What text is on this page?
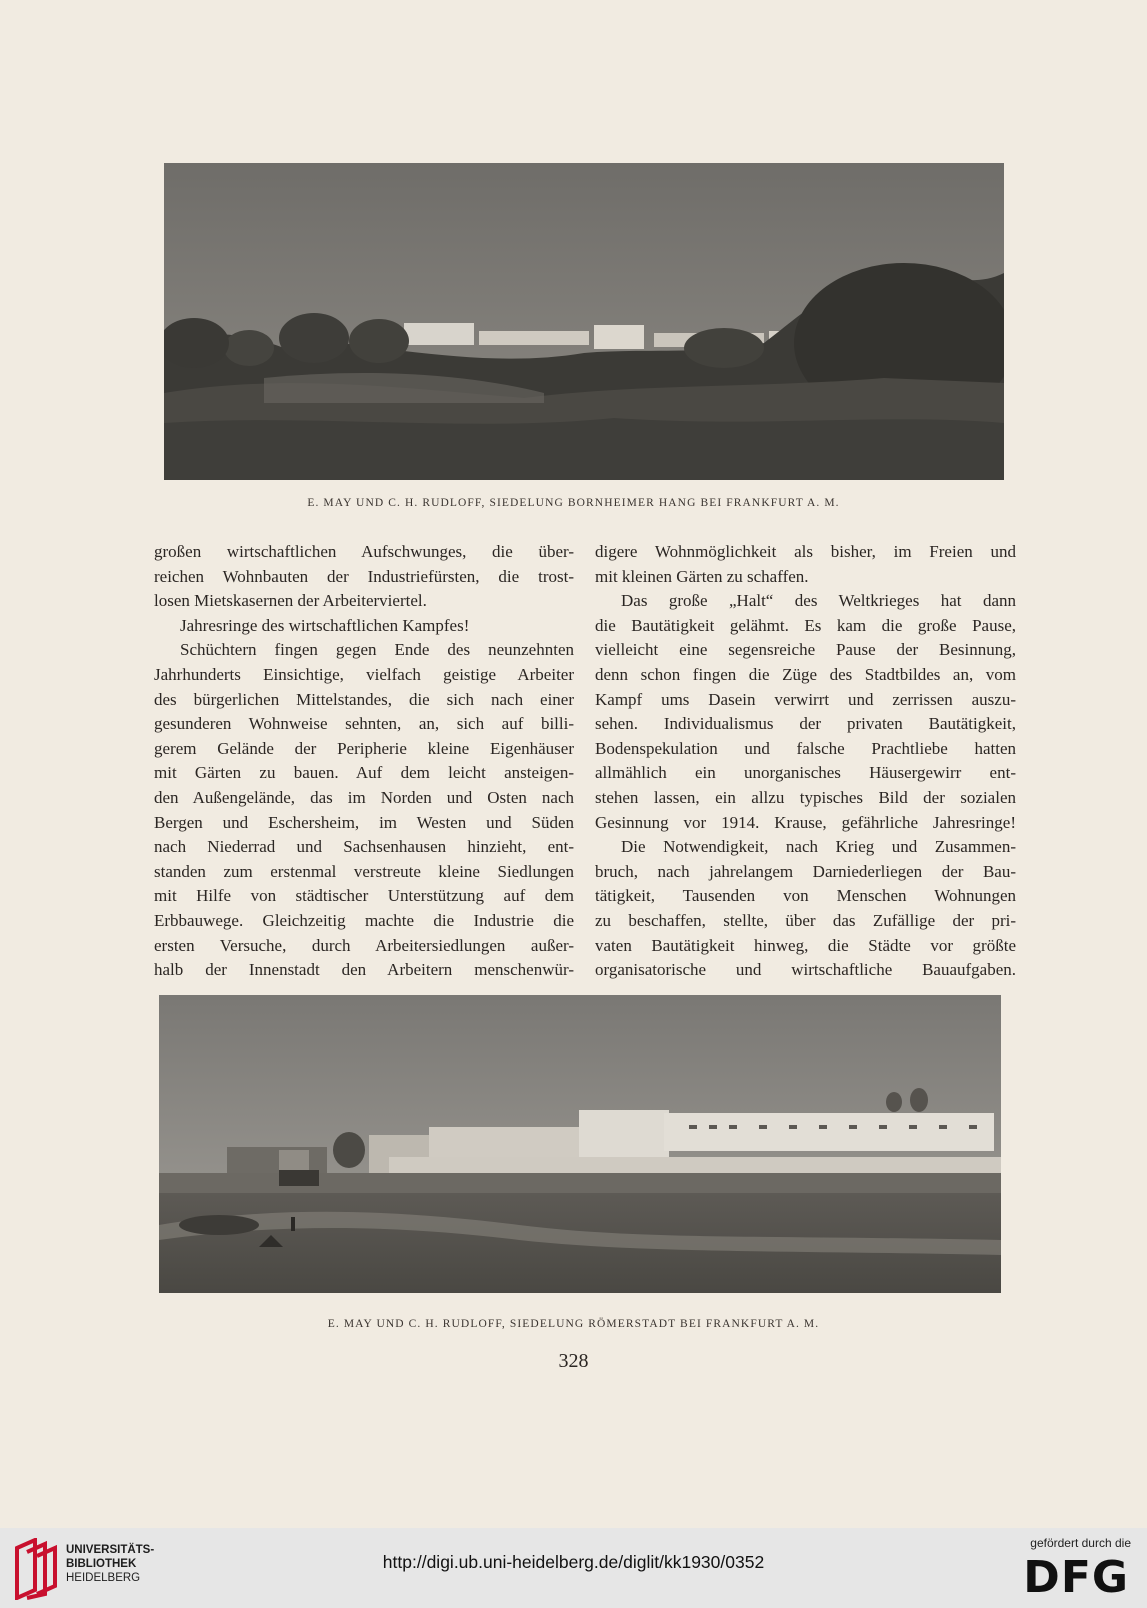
E. MAY UND C. H. RUDLOFF, SIEDELUNG BORNHEIMER HANG BEI FRANKFURT A. M.
großen wirtschaftlichen Aufschwunges, die über-
reichen Wohnbauten der Industriefürsten, die trost-
losen Mietskasernen der Arbeiterviertel.
Jahresringe des wirtschaftlichen Kampfes!
Schüchtern fingen gegen Ende des neunzehnten
Jahrhunderts Einsichtige, vielfach geistige Arbeiter
des bürgerlichen Mittelstandes, die sich nach einer
gesunderen Wohnweise sehnten, an, sich auf billi-
gerem Gelände der Peripherie kleine Eigenhäuser
mit Gärten zu bauen. Auf dem leicht ansteigen-
den Außengelände, das im Norden und Osten nach
Bergen und Eschersheim, im Westen und Süden
nach Niederrad und Sachsenhausen hinzieht, ent-
standen zum erstenmal verstreute kleine Siedlungen
mit Hilfe von städtischer Unterstützung auf dem
Erbbauwege. Gleichzeitig machte die Industrie die
ersten Versuche, durch Arbeitersiedlungen außer-
halb der Innenstadt den Arbeitern menschenwür-
digere Wohnmöglichkeit als bisher, im Freien und
mit kleinen Gärten zu schaffen.
Das große „Halt“ des Weltkrieges hat dann
die Bautätigkeit gelähmt. Es kam die große Pause,
vielleicht eine segensreiche Pause der Besinnung,
denn schon fingen die Züge des Stadtbildes an, vom
Kampf ums Dasein verwirrt und zerrissen auszu-
sehen. Individualismus der privaten Bautätigkeit,
Bodenspekulation und falsche Prachtliebe hatten
allmählich ein unorganisches Häusergewirr ent-
stehen lassen, ein allzu typisches Bild der sozialen
Gesinnung vor 1914. Krause, gefährliche Jahresringe!
Die Notwendigkeit, nach Krieg und Zusammen-
bruch, nach jahrelangem Darniederliegen der Bau-
tätigkeit, Tausenden von Menschen Wohnungen
zu beschaffen, stellte, über das Zufällige der pri-
vaten Bautätigkeit hinweg, die Städte vor größte
organisatorische und wirtschaftliche Bauaufgaben.
E. MAY UND C. H. RUDLOFF, SIEDELUNG RÖMERSTADT BEI FRANKFURT A. M.
328
UNIVERSITÄTS-
BIBLIOTHEK
HEIDELBERG
http://digi.ub.uni-heidelberg.de/diglit/kk1930/0352
gefördert durch die
DFG
